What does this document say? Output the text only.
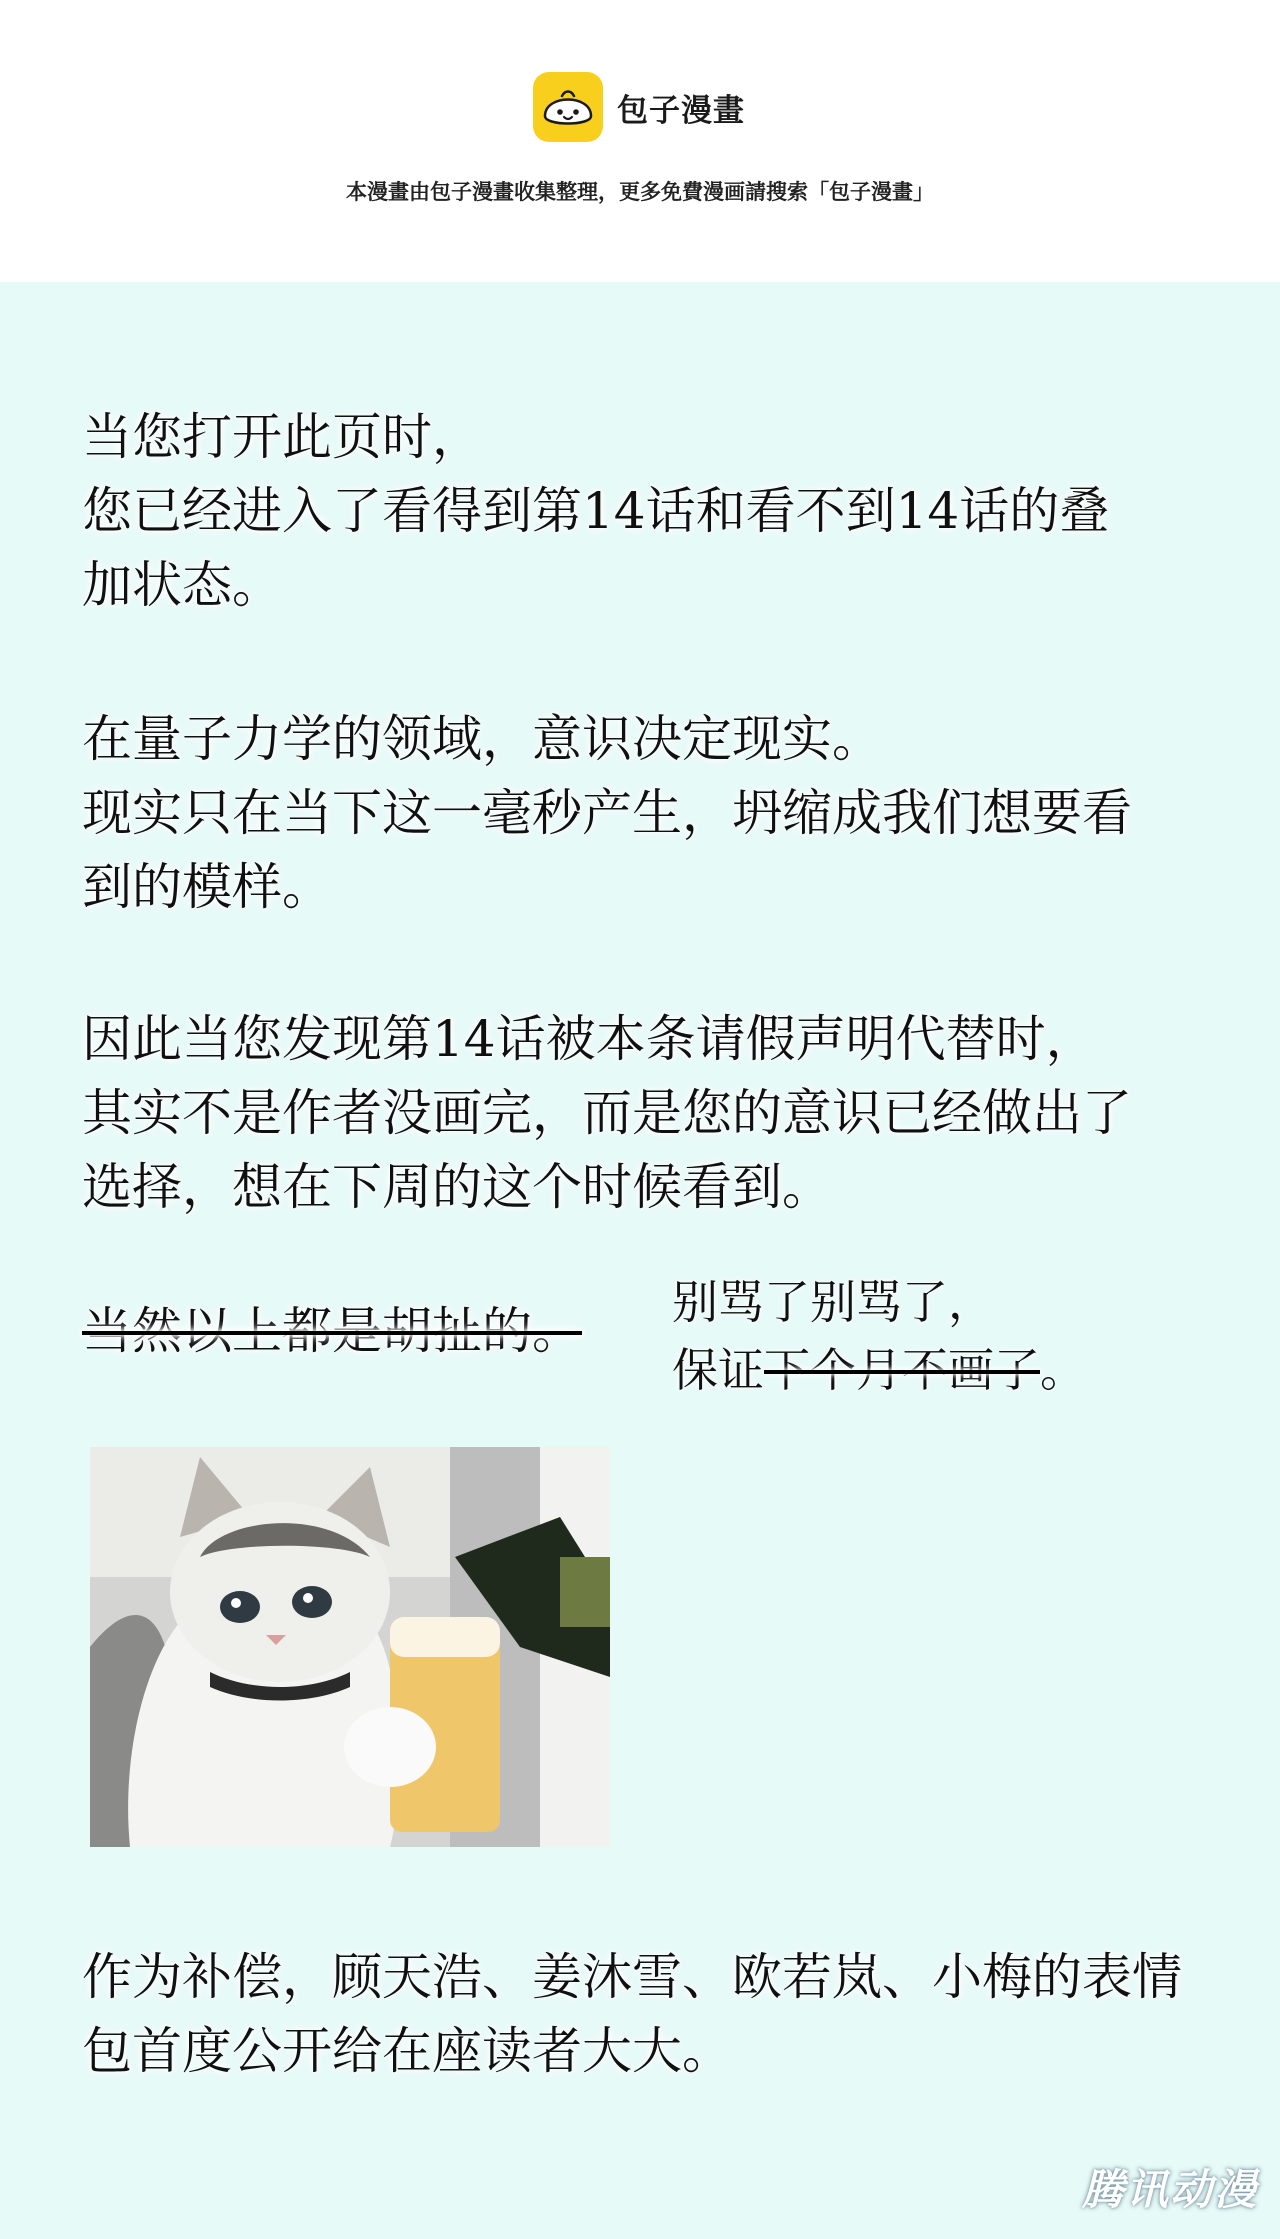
包子漫畫
本漫畫由包子漫畫收集整理，更多免費漫画請搜索「包子漫畫」

当您打开此页时，

您已经进入了看得到第14话和看不到14话的叠

加状态。

在量子力学的领域，意识决定现实。

现实只在当下这一毫秒产生，坍缩成我们想要看

到的模样。

因此当您发现第14话被本条请假声明代替时，

其实不是作者没画完，而是您的意识已经做出了

选择，想在下周的这个时候看到。

当然以上都是胡扯的。 别骂了别骂了，

保证下个月不画了。

作为补偿，顾天浩、姜沐雪、欧若岚、小梅的表情

包首度公开给在座读者大大。

腾讯动漫
